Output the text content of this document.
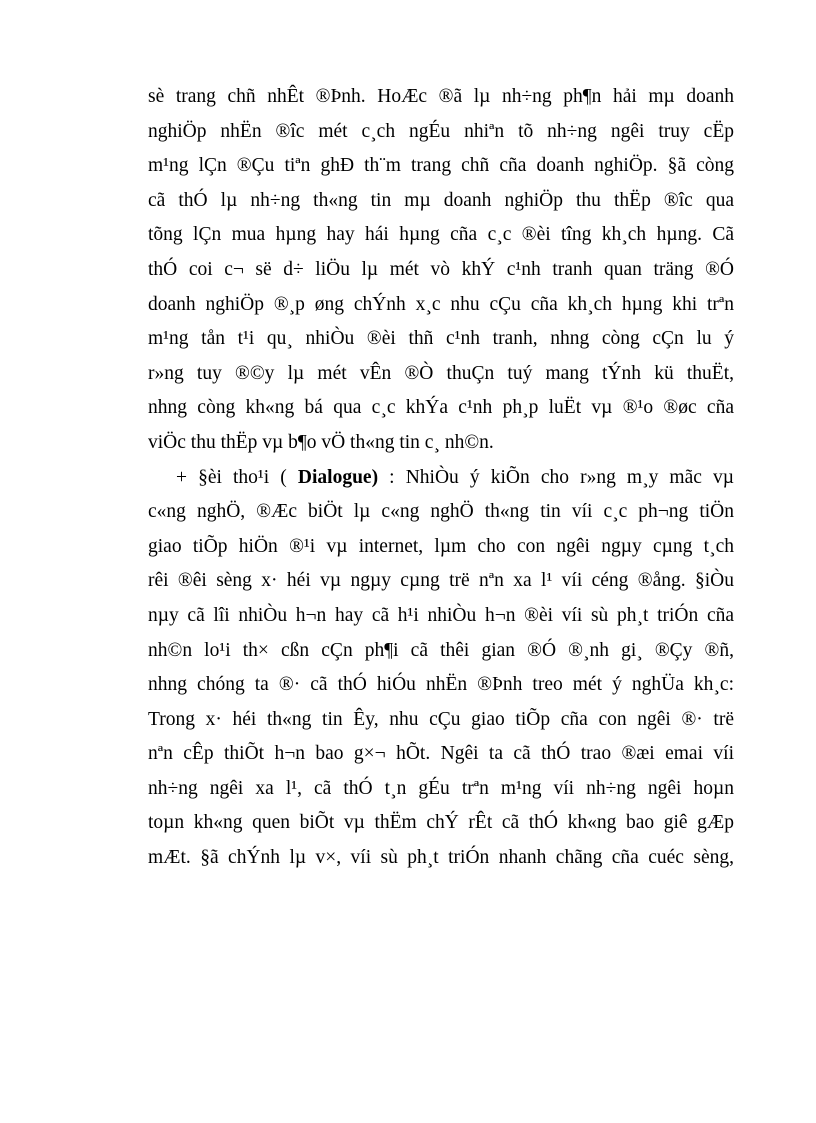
sè trang chñ nhÊt ®Þnh. HoÆc ®ã lµ nh÷ng ph¶n hải mµ doanh
nghiÖp nhËn ®îc mét c¸ch ngÉu nhiªn tõ nh÷ng ngêi truy cËp
m¹ng lÇn ®Çu tiªn ghÐ th¨m trang chñ cña doanh nghiÖp. §ã còng
cã thÓ lµ nh÷ng th«ng tin mµ doanh nghiÖp thu thËp ®îc qua
tõng lÇn mua hµng hay hái hµng cña c¸c ®èi tîng kh¸ch hµng. Cã
thÓ coi c¬ së d÷ liÖu lµ mét vò khÝ c¹nh tranh quan träng ®Ó
doanh nghiÖp ®¸p øng chÝnh x¸c nhu cÇu cña kh¸ch hµng khi trªn
m¹ng tån t¹i qu¸ nhiÒu ®èi thñ c¹nh tranh, nhng còng cÇn lu ý
r»ng tuy ®©y lµ mét vÊn ®Ò thuÇn tuý mang tÝnh kü thuËt,
nhng còng kh«ng bá qua c¸c khÝa c¹nh ph¸p luËt vµ ®¹o ®øc cña
viÖc thu thËp vµ b¶o vÖ th«ng tin c¸ nh©n.
+ §èi tho¹i ( Dialogue) : NhiÒu ý kiÕn cho r»ng m¸y mãc vµ
c«ng nghÖ, ®Æc biÖt lµ c«ng nghÖ th«ng tin víi c¸c ph¬ng tiÖn
giao tiÕp hiÖn ®¹i vµ internet, lµm cho con ngêi ngµy cµng t¸ch
rêi ®êi sèng x· héi vµ ngµy cµng trë nªn xa l¹ víi céng ®ång. §iÒu
nµy cã lîi nhiÒu h¬n hay cã h¹i nhiÒu h¬n ®èi víi sù ph¸t triÓn cña
nh©n lo¹i th× cßn cÇn ph¶i cã thêi gian ®Ó ®¸nh gi¸ ®Çy ®ñ,
nhng chóng ta ®· cã thÓ hiÓu nhËn ®Þnh treo mét ý nghÜa kh¸c:
Trong x· héi th«ng tin Êy, nhu cÇu giao tiÕp cña con ngêi ®· trë
nªn cÊp thiÕt h¬n bao g×¬ hÕt. Ngêi ta cã thÓ trao ®æi emai víi
nh÷ng ngêi xa l¹, cã thÓ t¸n gÉu trªn m¹ng víi nh÷ng ngêi hoµn
toµn kh«ng quen biÕt vµ thËm chÝ rÊt cã thÓ kh«ng bao giê gÆp
mÆt. §ã chÝnh lµ v×, víi sù ph¸t triÓn nhanh chãng cña cuéc sèng,
